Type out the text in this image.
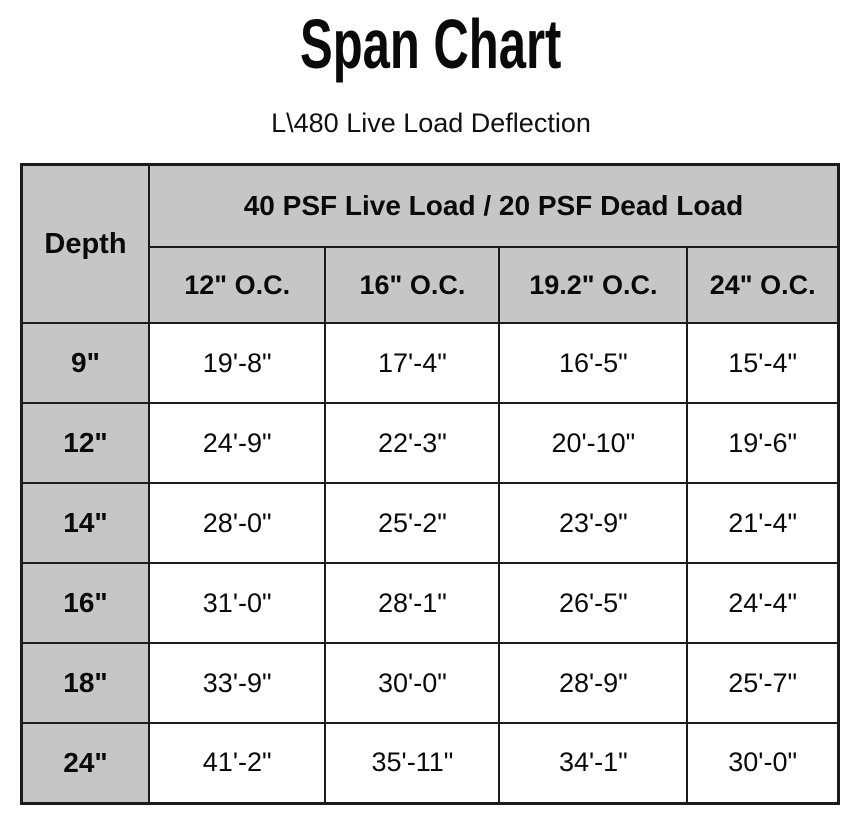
Span Chart
L\480 Live Load Deflection
Depth	40 PSF Live Load / 20 PSF Dead Load			
	12" O.C.	16" O.C.	19.2" O.C.	24" O.C.
9"	19'-8"	17'-4"	16'-5"	15'-4"
12"	24'-9"	22'-3"	20'-10"	19'-6"
14"	28'-0"	25'-2"	23'-9"	21'-4"
16"	31'-0"	28'-1"	26'-5"	24'-4"
18"	33'-9"	30'-0"	28'-9"	25'-7"
24"	41'-2"	35'-11"	34'-1"	30'-0"
